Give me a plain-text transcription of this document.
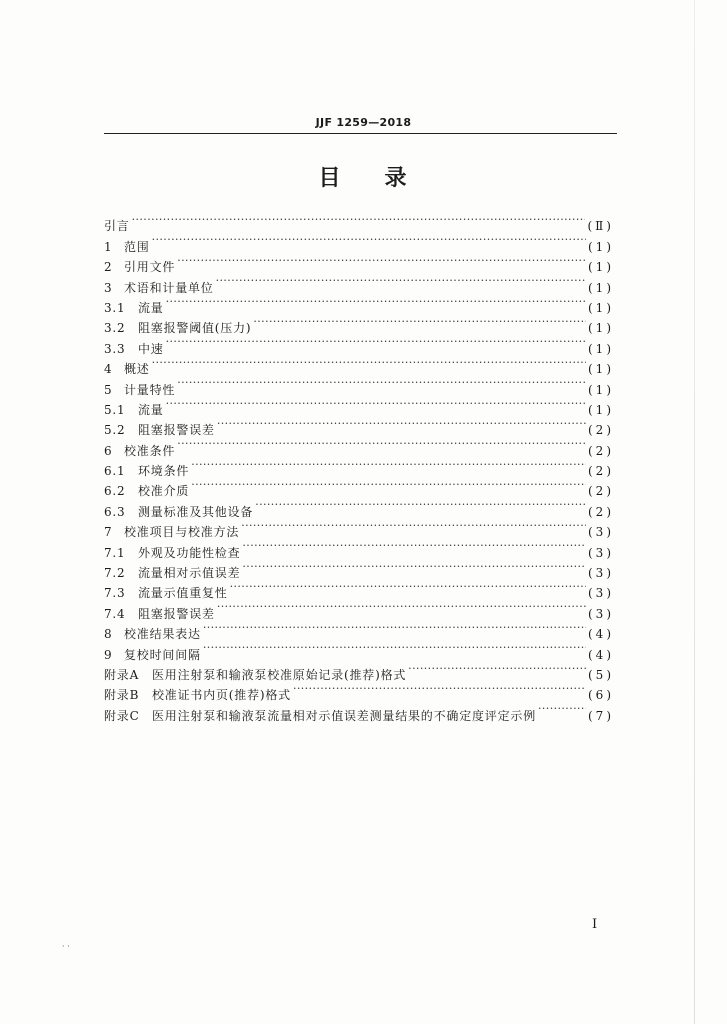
JJF 1259—2018
目 录
引言 ·····	(Ⅱ)
1 范围 ·····	(1)
2 引用文件 ·····	(1)
3 术语和计量单位 ·····	(1)
3.1	流量 ·····	(1)
3.2	阻塞报警阈值(压力) ·····	(1)
3.3	中速 ·····	(1)
4 概述 ·····	(1)
5 计量特性 ·····	(1)
5.1	流量 ·····	(1)
5.2	阻塞报警误差 ·····	(2)
6 校准条件 ·····	(2)
6.1	环境条件 ·····	(2)
6.2	校准介质 ·····	(2)
6.3	测量标准及其他设备 ·····	(2)
7 校准项目与校准方法 ·····	(3)
7.1	外观及功能性检查 ·····	(3)
7.2	流量相对示值误差 ·····	(3)
7.3	流量示值重复性 ·····	(3)
7.4	阻塞报警误差 ·····	(3)
8 校准结果表达 ·····	(4)
9 复校时间间隔 ·····	(4)
附录A	医用注射泵和输液泵校准原始记录(推荐)格式 ·····	(5)
附录B	校准证书内页(推荐)格式 ·····	(6)
附录C	医用注射泵和输液泵流量相对示值误差测量结果的不确定度评定示例 ·····	(7)
Ⅰ
· ·
